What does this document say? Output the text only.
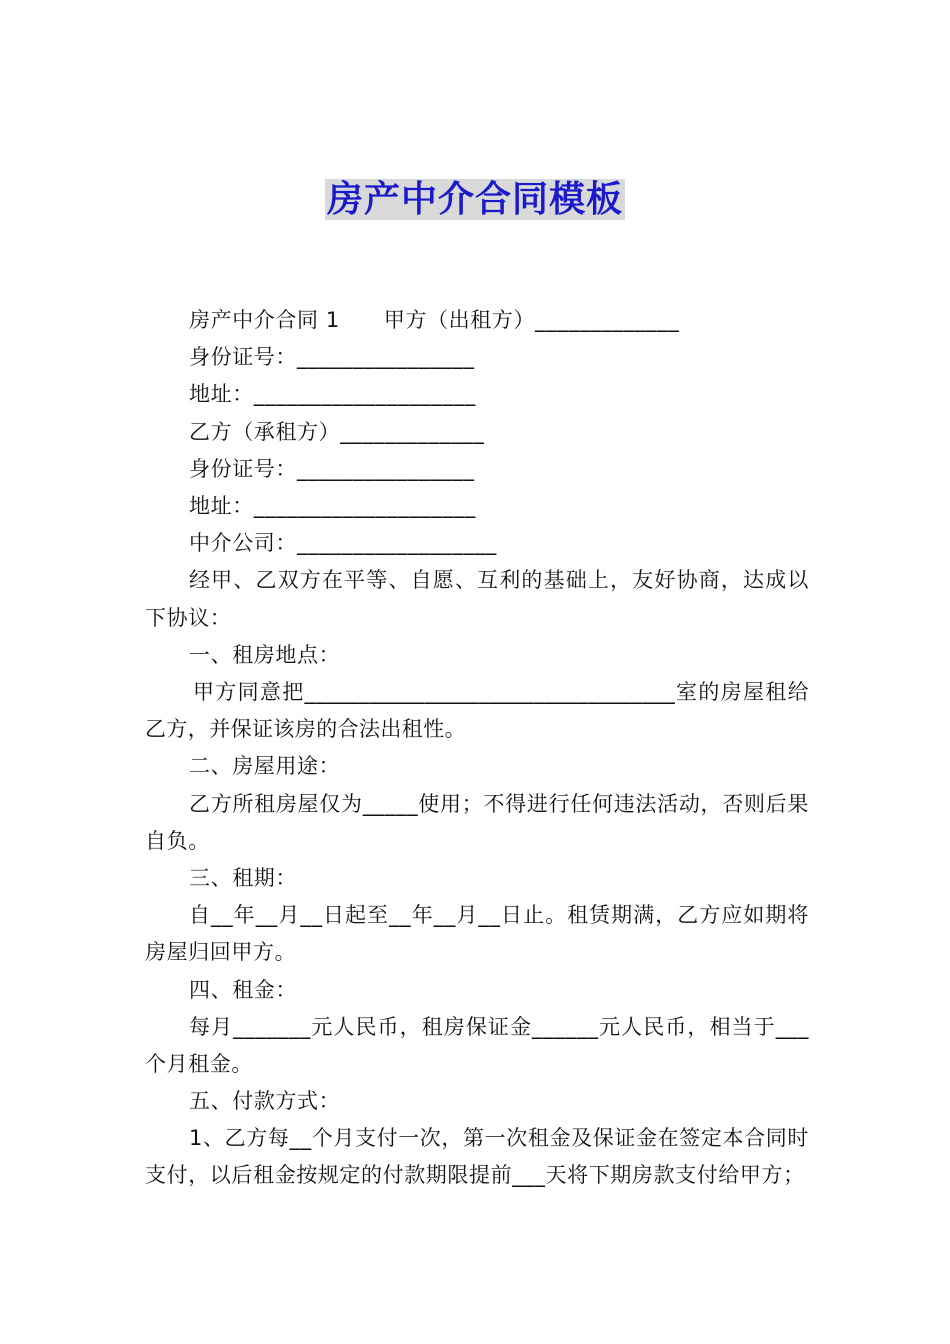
房产中介合同模板
房产中介合同 1 甲方（出租方）_____________
身份证号：________________
地址：____________________
乙方（承租方）_____________
身份证号：________________
地址：____________________
中介公司：__________________
经甲、乙双方在平等、自愿、互利的基础上，友好协商，达成以下协议：
一、租房地点：
甲方同意把__________________________________室的房屋租给乙方，并保证该房的合法出租性。
二、房屋用途：
乙方所租房屋仅为_____使用；不得进行任何违法活动，否则后果自负。
三、租期：
自__年__月__日起至__年__月__日止。租赁期满，乙方应如期将房屋归回甲方。
四、租金：
每月_______元人民币，租房保证金______元人民币，相当于___个月租金。
五、付款方式：
1、乙方每__个月支付一次，第一次租金及保证金在签定本合同时支付，以后租金按规定的付款期限提前___天将下期房款支付给甲方；
